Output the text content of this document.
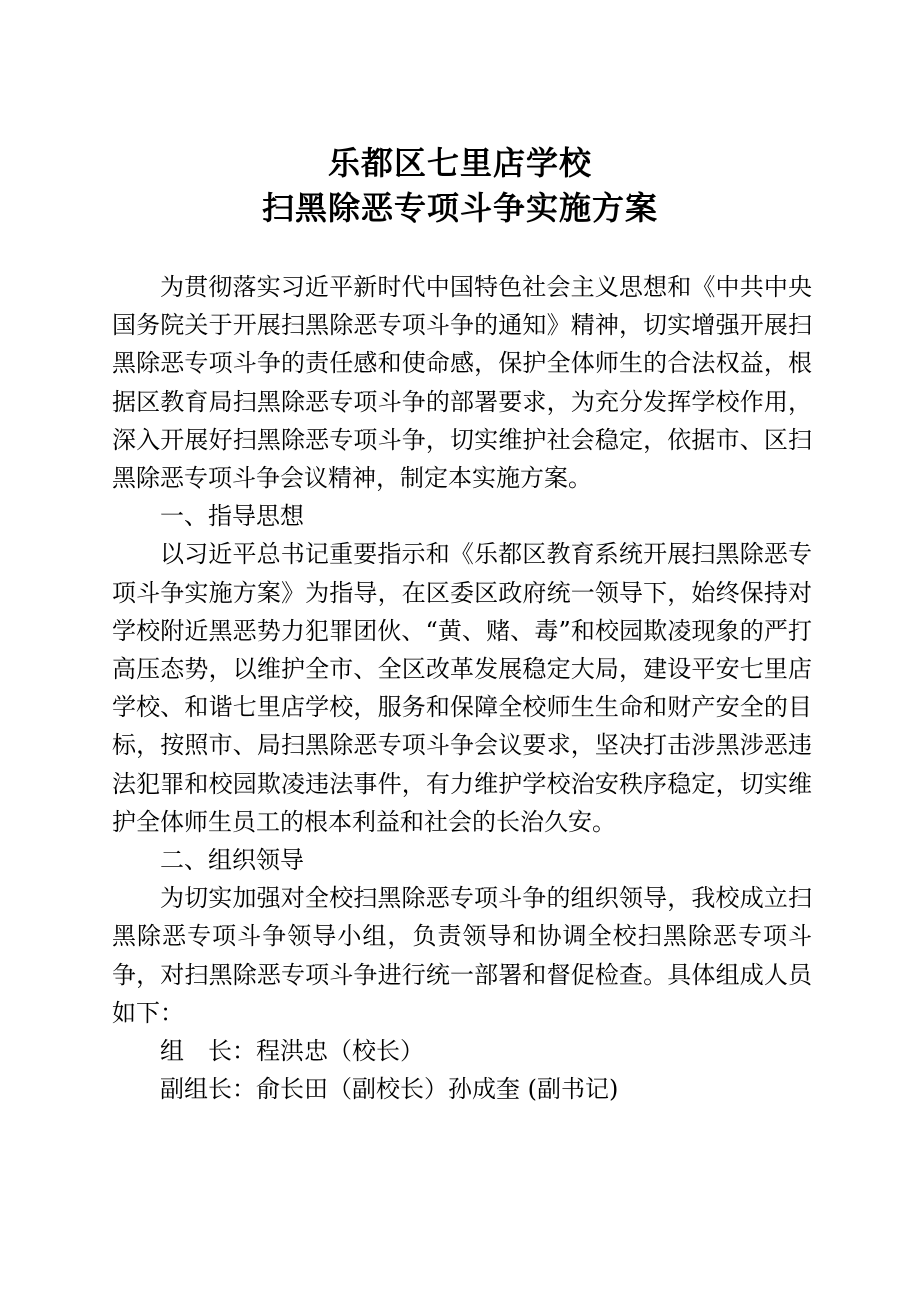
乐都区七里店学校
扫黑除恶专项斗争实施方案

为贯彻落实习近平新时代中国特色社会主义思想和《中共中央国务院关于开展扫黑除恶专项斗争的通知》精神，切实增强开展扫黑除恶专项斗争的责任感和使命感，保护全体师生的合法权益，根据区教育局扫黑除恶专项斗争的部署要求，为充分发挥学校作用，深入开展好扫黑除恶专项斗争，切实维护社会稳定，依据市、区扫黑除恶专项斗争会议精神，制定本实施方案。

一、指导思想

以习近平总书记重要指示和《乐都区教育系统开展扫黑除恶专项斗争实施方案》为指导，在区委区政府统一领导下，始终保持对学校附近黑恶势力犯罪团伙、“黄、赌、毒”和校园欺凌现象的严打高压态势，以维护全市、全区改革发展稳定大局，建设平安七里店学校、和谐七里店学校，服务和保障全校师生生命和财产安全的目标，按照市、局扫黑除恶专项斗争会议要求，坚决打击涉黑涉恶违法犯罪和校园欺凌违法事件，有力维护学校治安秩序稳定，切实维护全体师生员工的根本利益和社会的长治久安。

二、组织领导

为切实加强对全校扫黑除恶专项斗争的组织领导，我校成立扫黑除恶专项斗争领导小组，负责领导和协调全校扫黑除恶专项斗争，对扫黑除恶专项斗争进行统一部署和督促检查。具体组成人员如下：

组　长：程洪忠（校长）

副组长：俞长田（副校长）孙成奎 (副书记)
